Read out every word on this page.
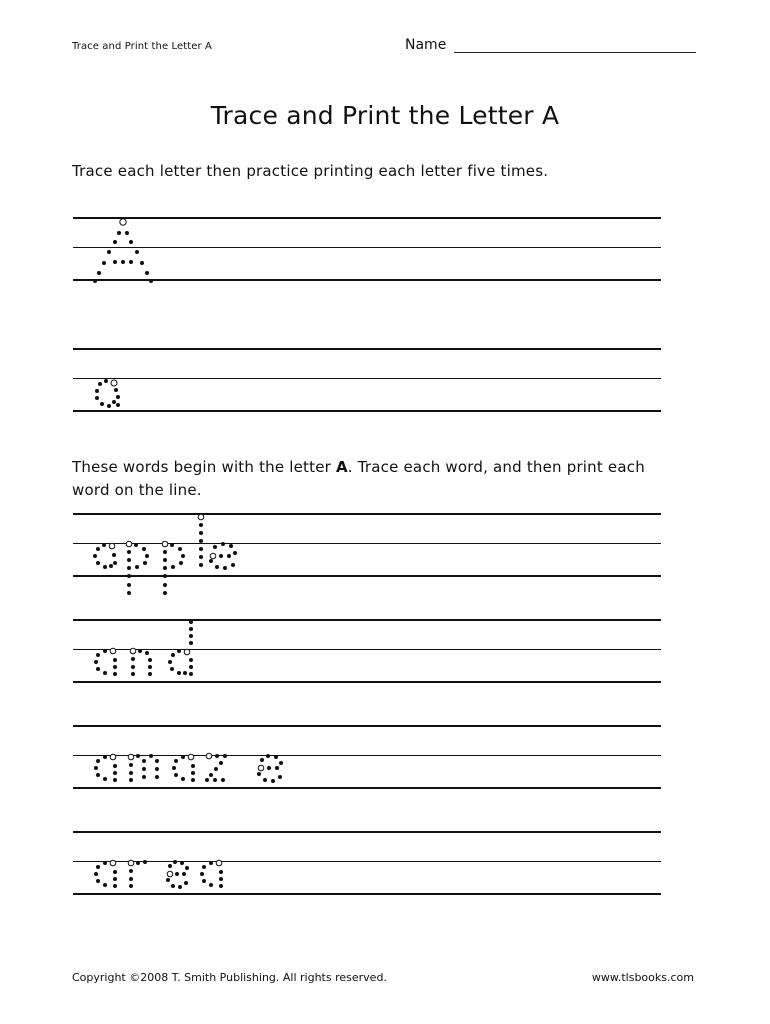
Trace and Print the Letter A	Name
Trace and Print the Letter A
Trace each letter then practice printing each letter five times.
These words begin with the letter A. Trace each word, and then print each word on the line.
Copyright ©2008 T. Smith Publishing. All rights reserved.	www.tlsbooks.com
